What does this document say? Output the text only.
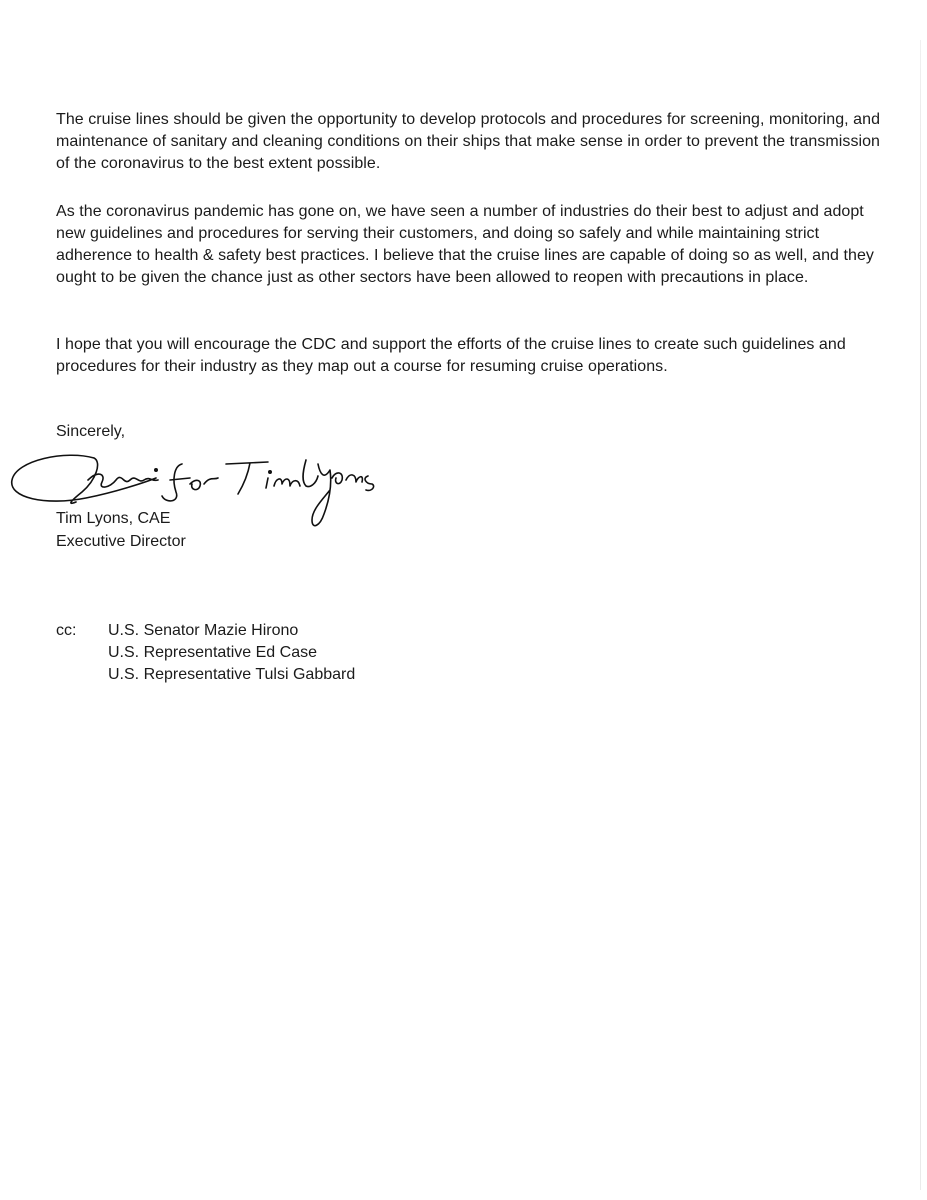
The cruise lines should be given the opportunity to develop protocols and procedures for screening, monitoring, and maintenance of sanitary and cleaning conditions on their ships that make sense in order to prevent the transmission of the coronavirus to the best extent possible.

As the coronavirus pandemic has gone on, we have seen a number of industries do their best to adjust and adopt new guidelines and procedures for serving their customers, and doing so safely and while maintaining strict adherence to health & safety best practices. I believe that the cruise lines are capable of doing so as well, and they ought to be given the chance just as other sectors have been allowed to reopen with precautions in place.

I hope that you will encourage the CDC and support the efforts of the cruise lines to create such guidelines and procedures for their industry as they map out a course for resuming cruise operations.

Sincerely,

Tim Lyons, CAE

Executive Director

cc: U.S. Senator Mazie Hirono
U.S. Representative Ed Case
U.S. Representative Tulsi Gabbard
